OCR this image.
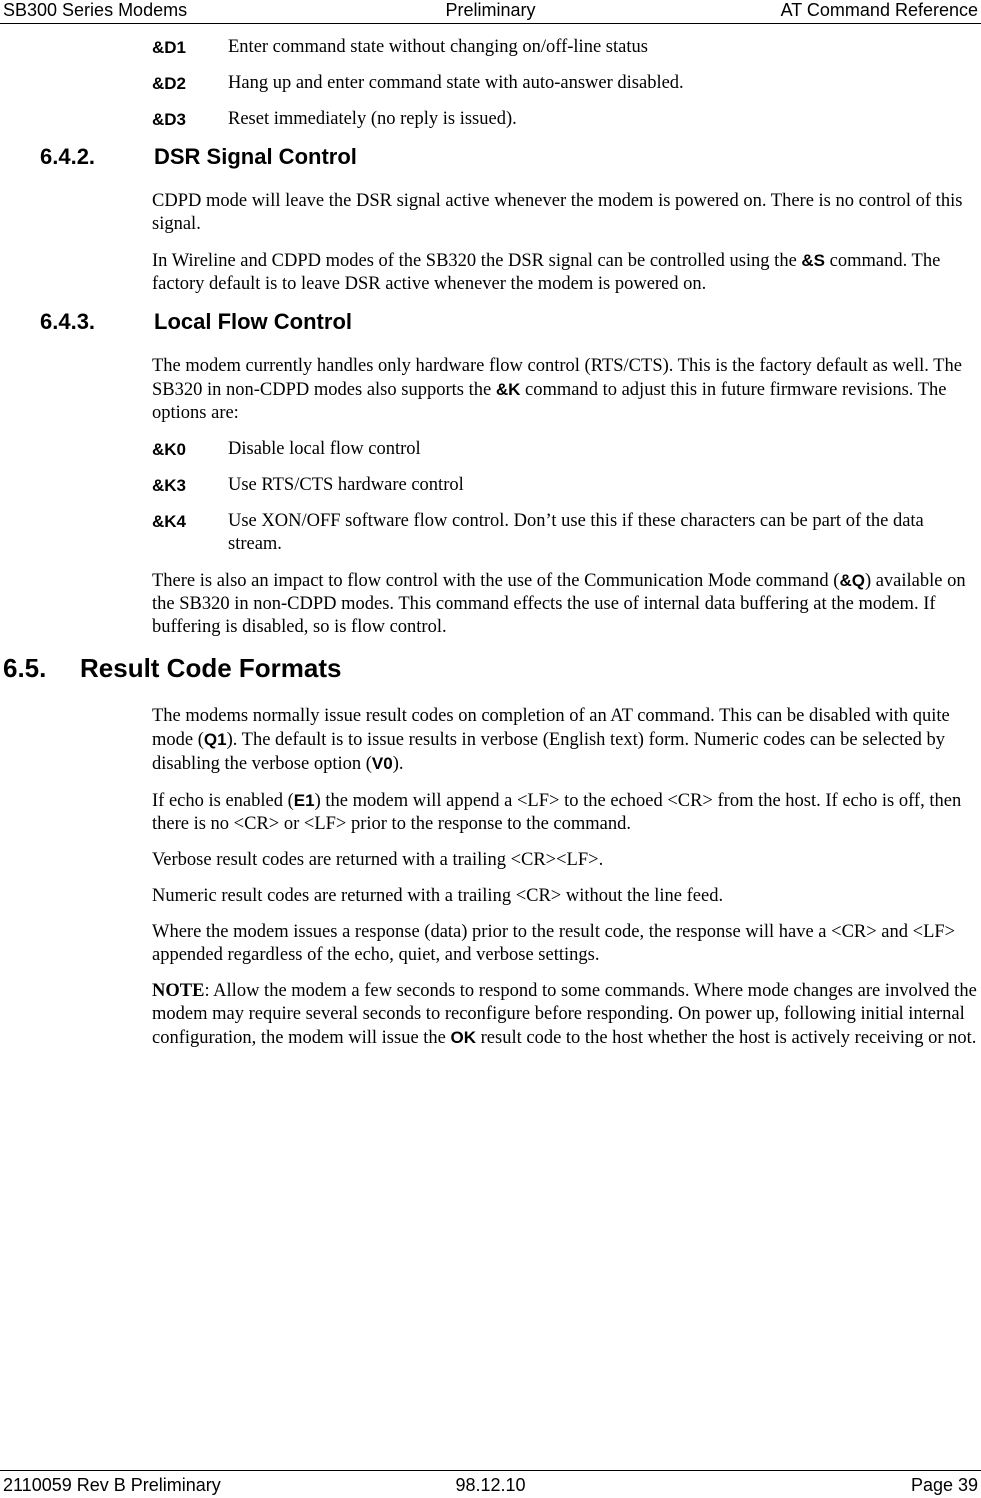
SB300 Series Modems	Preliminary	AT Command Reference
&D1	Enter command state without changing on/off-line status
&D2	Hang up and enter command state with auto-answer disabled.
&D3	Reset immediately (no reply is issued).
6.4.2.	DSR Signal Control

CDPD mode will leave the DSR signal active whenever the modem is powered on. There is no control of this signal.

In Wireline and CDPD modes of the SB320 the DSR signal can be controlled using the &S command. The factory default is to leave DSR active whenever the modem is powered on.

6.4.3.	Local Flow Control

The modem currently handles only hardware flow control (RTS/CTS). This is the factory default as well. The SB320 in non-CDPD modes also supports the &K command to adjust this in future firmware revisions. The options are:

&K0	Disable local flow control
&K3	Use RTS/CTS hardware control
&K4	Use XON/OFF software flow control. Don’t use this if these characters can be part of the data stream.

There is also an impact to flow control with the use of the Communication Mode command (&Q) available on the SB320 in non-CDPD modes. This command effects the use of internal data buffering at the modem. If buffering is disabled, so is flow control.

6.5. Result Code Formats

The modems normally issue result codes on completion of an AT command. This can be disabled with quite mode (Q1). The default is to issue results in verbose (English text) form. Numeric codes can be selected by disabling the verbose option (V0).

If echo is enabled (E1) the modem will append a <LF> to the echoed <CR> from the host. If echo is off, then there is no <CR> or <LF> prior to the response to the command.

Verbose result codes are returned with a trailing <CR><LF>.

Numeric result codes are returned with a trailing <CR> without the line feed.

Where the modem issues a response (data) prior to the result code, the response will have a <CR> and <LF> appended regardless of the echo, quiet, and verbose settings.

NOTE: Allow the modem a few seconds to respond to some commands. Where mode changes are involved the modem may require several seconds to reconfigure before responding. On power up, following initial internal configuration, the modem will issue the OK result code to the host whether the host is actively receiving or not.

2110059 Rev B Preliminary	98.12.10	Page 39
